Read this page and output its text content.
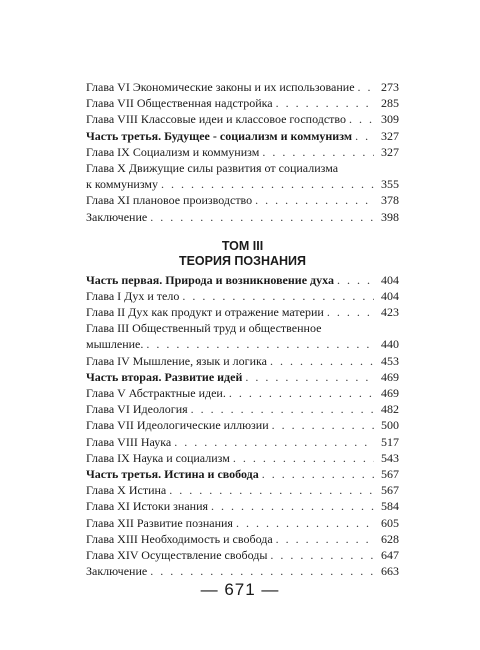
Глава VI Экономические законы и их использование . . .	273
Глава VII Общественная надстройка . . .	285
Глава VIII Классовые идеи и классовое господство . . .	309
Часть третья. Будущее - социализм и коммунизм . . .	327
Глава IX Социализм и коммунизм . . .	327
Глава X Движущие силы развития от социализма
к коммунизму . . .	355
Глава XI плановое производство . . .	378
Заключение . . .	398
ТОМ III
ТЕОРИЯ ПОЗНАНИЯ
Часть первая. Природа и возникновение духа . . .	404
Глава I Дух и тело . . .	404
Глава II Дух как продукт и отражение материи . . .	423
Глава III Общественный труд и общественное
мышление. . . .	440
Глава IV Мышление, язык и логика . . .	453
Часть вторая. Развитие идей . . .	469
Глава V Абстрактные идеи. . . .	469
Глава VI Идеология . . .	482
Глава VII Идеологические иллюзии . . .	500
Глава VIII Наука . . .	517
Глава IX Наука и социализм . . .	543
Часть третья. Истина и свобода . . .	567
Глава X Истина . . .	567
Глава XI Истоки знания . . .	584
Глава XII Развитие познания . . .	605
Глава XIII Необходимость и свобода . . .	628
Глава XIV Осуществление свободы . . .	647
Заключение . . .	663
— 671 —
